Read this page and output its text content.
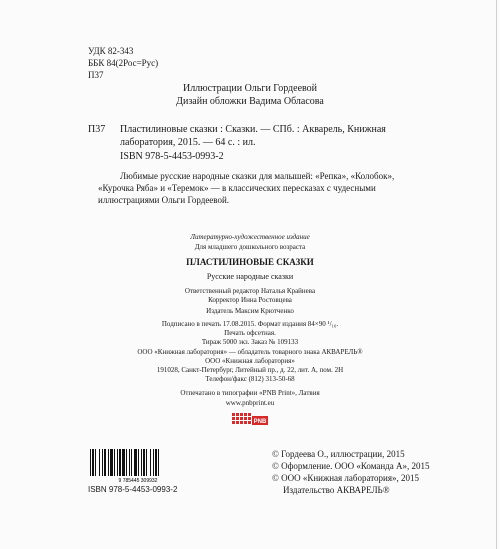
УДК 82-343
ББК 84(2Рос=Рус)
П37
Иллюстрации Ольги Гордеевой
Дизайн обложки Вадима Обласова
П37 Пластилиновые сказки : Сказки. — СПб. : Акварель, Книжная
лаборатория, 2015. — 64 с. : ил.
ISBN 978-5-4453-0993-2
Любимые русские народные сказки для малышей: «Репка», «Колобок»,
«Курочка Ряба» и «Теремок» — в классических пересказах с чудесными
иллюстрациями Ольги Гордеевой.
Литературно-художественное издание
Для младшего дошкольного возраста
ПЛАСТИЛИНОВЫЕ СКАЗКИ
Русские народные сказки
Ответственный редактор Наталья Крайнева
Корректор Инна Ростовцева
Издатель Максим Крютченко
Подписано в печать 17.08.2015. Формат издания 84×90 ¹/₁₆.
Печать офсетная.
Тираж 5000 экз. Заказ № 109133
ООО «Книжная лаборатория» — обладатель товарного знака АКВАРЕЛЬ®
ООО «Книжная лаборатория»
191028, Санкт-Петербург, Литейный пр., д. 22, лит. А, пом. 2Н
Телефон/факс (812) 313-50-68
Отпечатано в типографии «PNB Print», Латвия
www.pnbprint.eu
PNB
9 785445 309932
ISBN 978-5-4453-0993-2
© Гордеева О., иллюстрации, 2015
© Оформление. ООО «Команда А», 2015
© ООО «Книжная лаборатория», 2015
Издательство АКВАРЕЛЬ®
